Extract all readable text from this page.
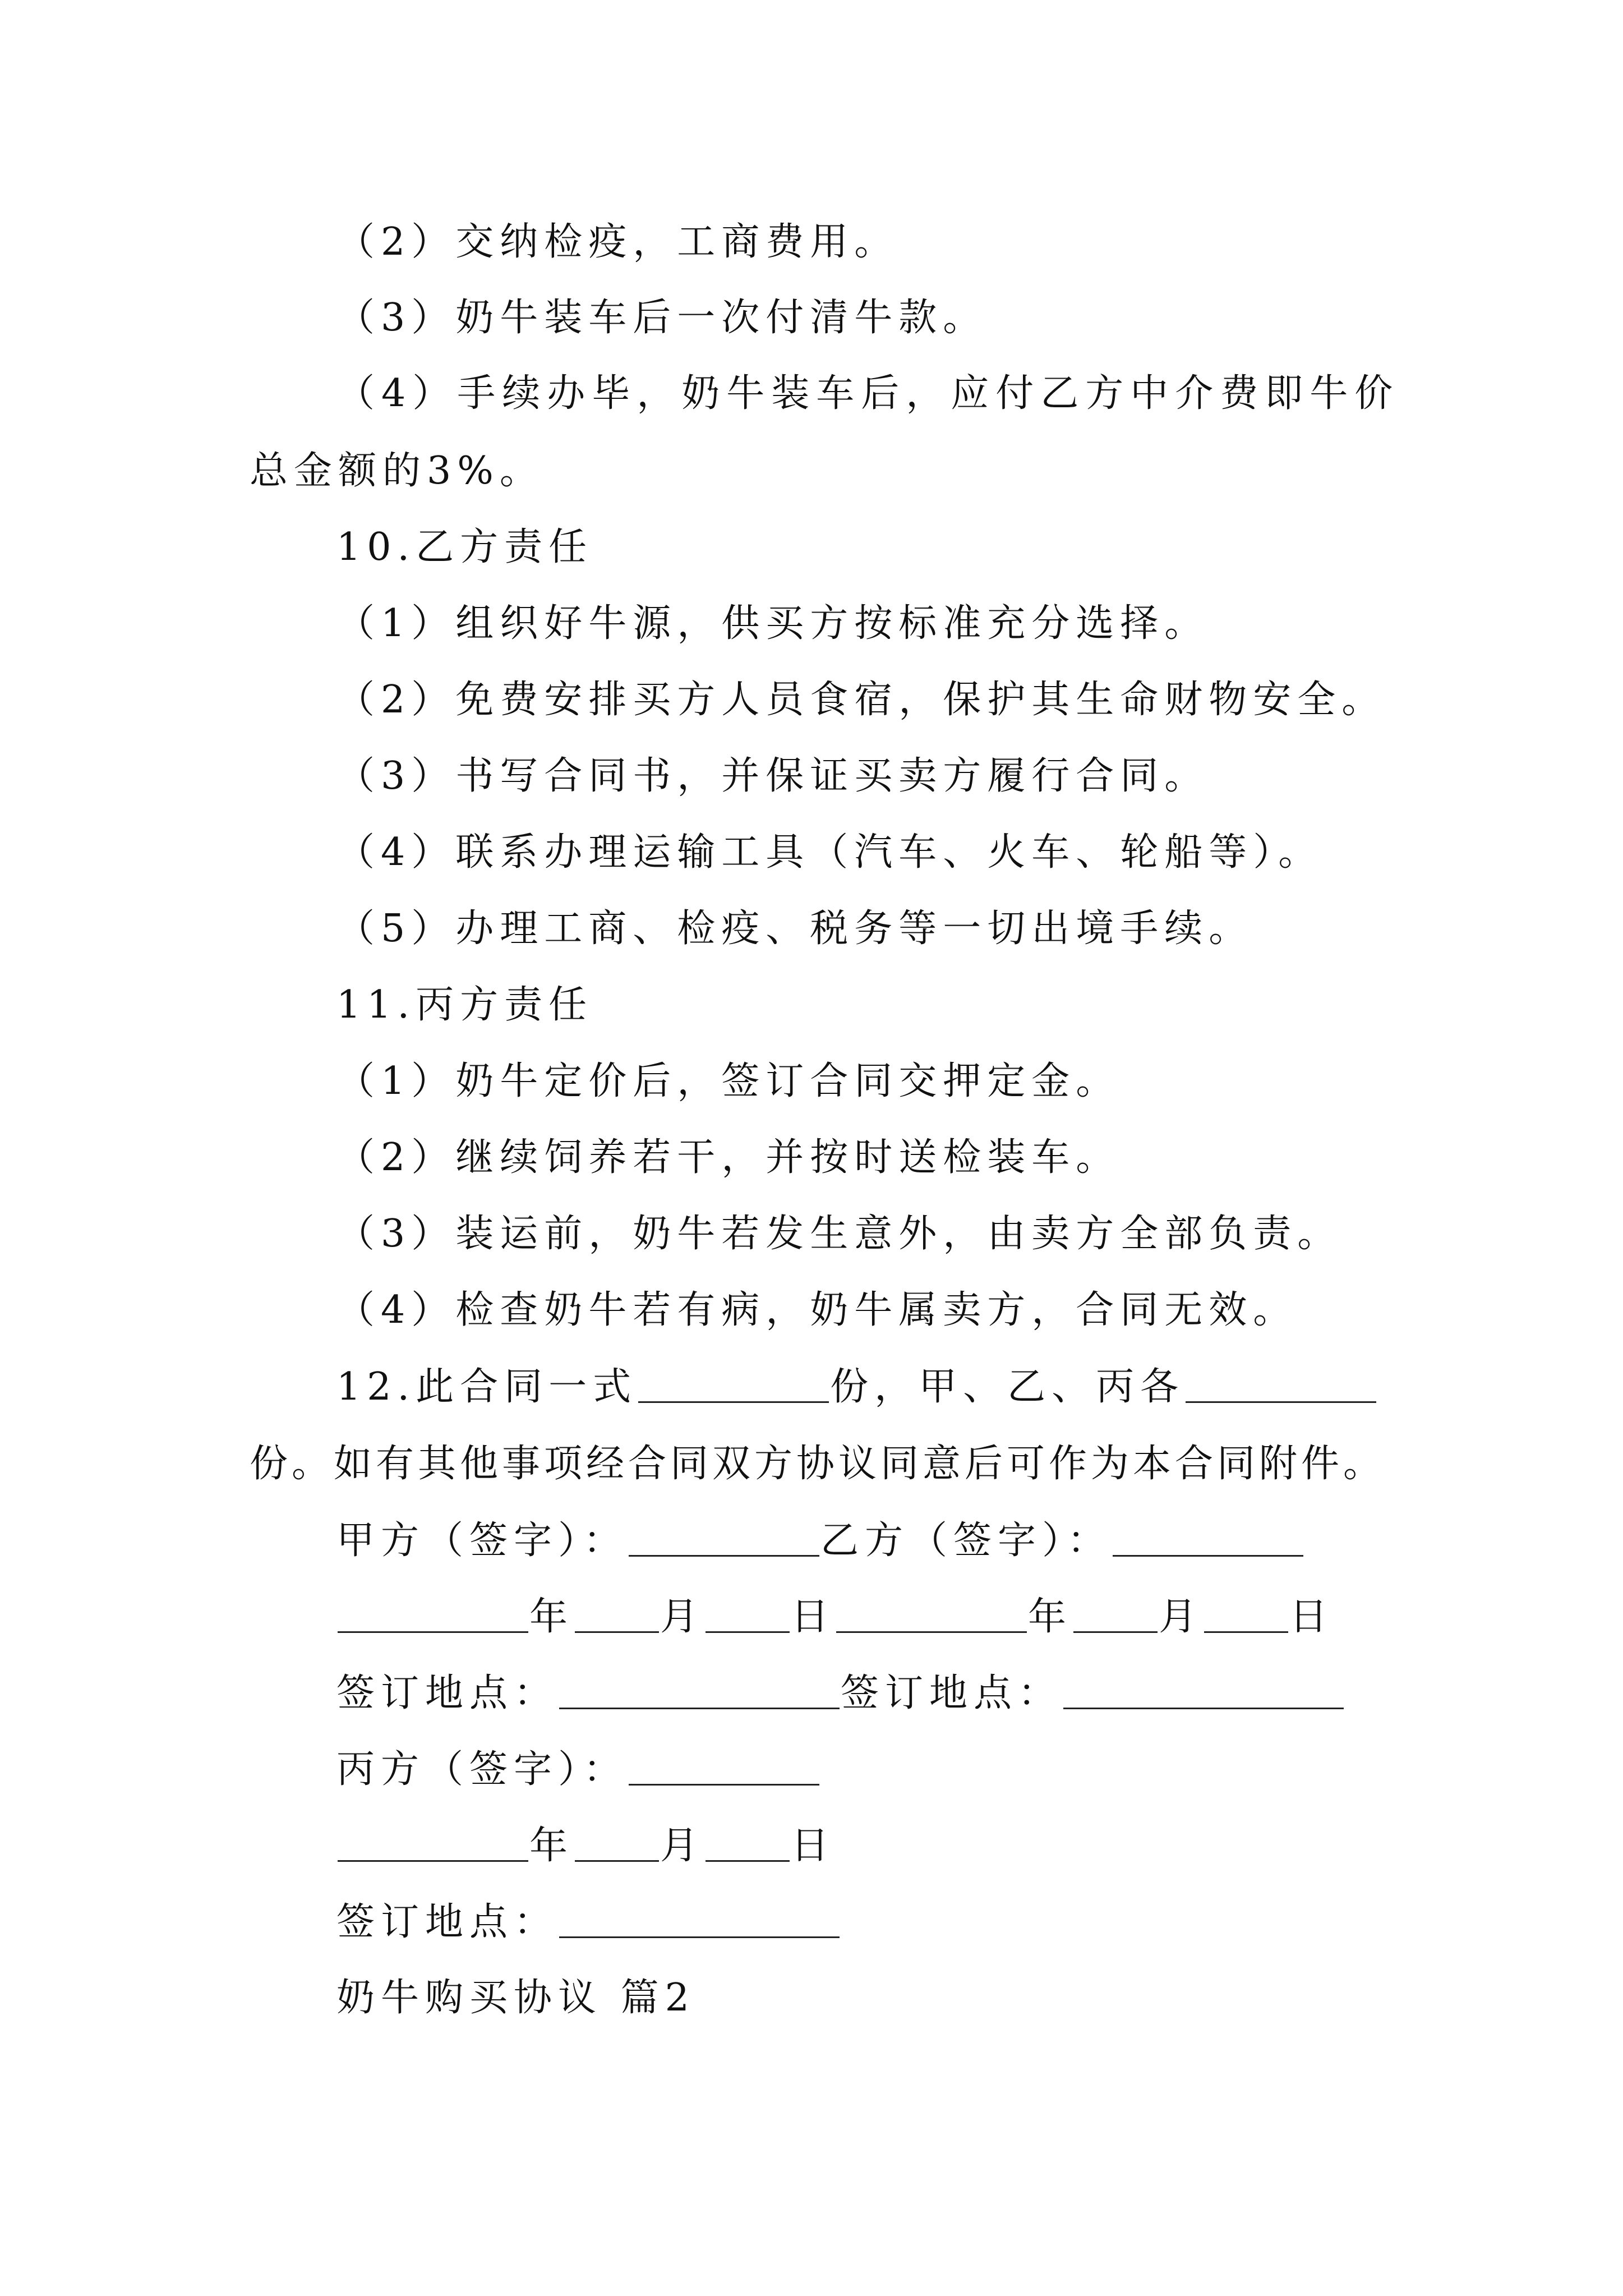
（2）交纳检疫，工商费用。
（3）奶牛装车后一次付清牛款。
（4）手续办毕，奶牛装车后，应付乙方中介费即牛价
总金额的3%。
10.乙方责任
（1）组织好牛源，供买方按标准充分选择。
（2）免费安排买方人员食宿，保护其生命财物安全。
（3）书写合同书，并保证买卖方履行合同。
（4）联系办理运输工具（汽车、火车、轮船等）。
（5）办理工商、检疫、税务等一切出境手续。
11.丙方责任
（1）奶牛定价后，签订合同交押定金。
（2）继续饲养若干，并按时送检装车。
（3）装运前，奶牛若发生意外，由卖方全部负责。
（4）检查奶牛若有病，奶牛属卖方，合同无效。
12.此合同一式	份，甲、乙、丙各
份。如有其他事项经合同双方协议同意后可作为本合同附件。
甲方（签字）：	乙方（签字）：
年 月 日	年 月 日
签订地点：	签订地点：
丙方（签字）：
年 月 日
签订地点：
奶牛购买协议 篇2
